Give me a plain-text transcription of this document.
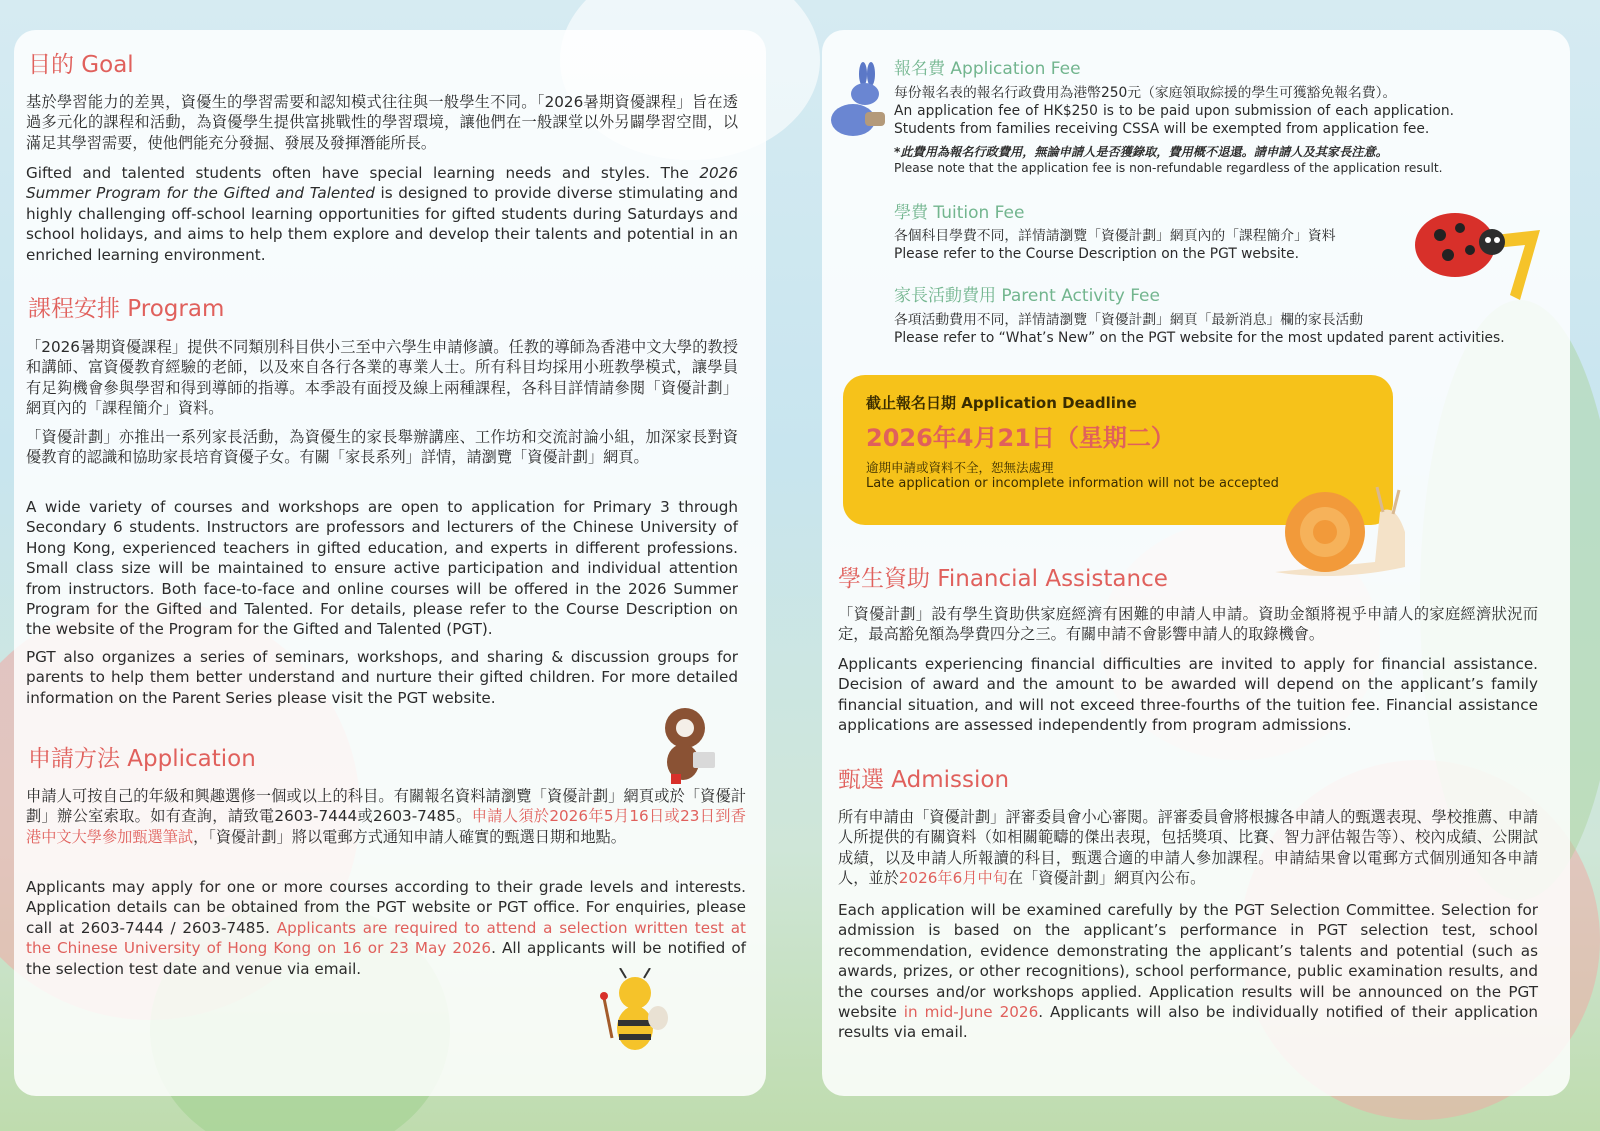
目的 Goal

基於學習能力的差異，資優生的學習需要和認知模式往往與一般學生不同。「2026暑期資優課程」旨在透過多元化的課程和活動，為資優學生提供富挑戰性的學習環境，讓他們在一般課堂以外另闢學習空間，以滿足其學習需要，使他們能充分發掘、發展及發揮潛能所長。

Gifted and talented students often have special learning needs and styles. The 2026 Summer Program for the Gifted and Talented is designed to provide diverse stimulating and highly challenging off-school learning opportunities for gifted students during Saturdays and school holidays, and aims to help them explore and develop their talents and potential in an enriched learning environment.

課程安排 Program

「2026暑期資優課程」提供不同類別科目供小三至中六學生申請修讀。任教的導師為香港中文大學的教授和講師、富資優教育經驗的老師，以及來自各行各業的專業人士。所有科目均採用小班教學模式，讓學員有足夠機會參與學習和得到導師的指導。本季設有面授及線上兩種課程，各科目詳情請參閱「資優計劃」網頁內的「課程簡介」資料。

「資優計劃」亦推出一系列家長活動，為資優生的家長舉辦講座、工作坊和交流討論小組，加深家長對資優教育的認識和協助家長培育資優子女。有關「家長系列」詳情，請瀏覽「資優計劃」網頁。

A wide variety of courses and workshops are open to application for Primary 3 through Secondary 6 students. Instructors are professors and lecturers of the Chinese University of Hong Kong, experienced teachers in gifted education, and experts in different professions. Small class size will be maintained to ensure active participation and individual attention from instructors. Both face-to-face and online courses will be offered in the 2026 Summer Program for the Gifted and Talented. For details, please refer to the Course Description on the website of the Program for the Gifted and Talented (PGT).

PGT also organizes a series of seminars, workshops, and sharing & discussion groups for parents to help them better understand and nurture their gifted children. For more detailed information on the Parent Series please visit the PGT website.

申請方法 Application

申請人可按自己的年級和興趣選修一個或以上的科目。有關報名資料請瀏覽「資優計劃」網頁或於「資優計劃」辦公室索取。如有查詢，請致電2603-7444或2603-7485。申請人須於2026年5月16日或23日到香港中文大學參加甄選筆試，「資優計劃」將以電郵方式通知申請人確實的甄選日期和地點。

Applicants may apply for one or more courses according to their grade levels and interests. Application details can be obtained from the PGT website or PGT office. For enquiries, please call at 2603-7444 / 2603-7485. Applicants are required to attend a selection written test at the Chinese University of Hong Kong on 16 or 23 May 2026. All applicants will be notified of the selection test date and venue via email.

報名費 Application Fee

每份報名表的報名行政費用為港幣250元（家庭領取綜援的學生可獲豁免報名費）。

An application fee of HK$250 is to be paid upon submission of each application. Students from families receiving CSSA will be exempted from application fee.

*此費用為報名行政費用，無論申請人是否獲錄取，費用概不退還。請申請人及其家長注意。

Please note that the application fee is non-refundable regardless of the application result.

學費 Tuition Fee

各個科目學費不同，詳情請瀏覽「資優計劃」網頁內的「課程簡介」資料

Please refer to the Course Description on the PGT website.

家長活動費用 Parent Activity Fee

各項活動費用不同，詳情請瀏覽「資優計劃」網頁「最新消息」欄的家長活動

Please refer to “What’s New” on the PGT website for the most updated parent activities.

截止報名日期 Application Deadline
2026年4月21日（星期二）
逾期申請或資料不全，恕無法處理
Late application or incomplete information will not be accepted
學生資助 Financial Assistance

「資優計劃」設有學生資助供家庭經濟有困難的申請人申請。資助金額將視乎申請人的家庭經濟狀況而定，最高豁免額為學費四分之三。有關申請不會影響申請人的取錄機會。

Applicants experiencing financial difficulties are invited to apply for financial assistance. Decision of award and the amount to be awarded will depend on the applicant’s family financial situation, and will not exceed three-fourths of the tuition fee. Financial assistance applications are assessed independently from program admissions.

甄選 Admission

所有申請由「資優計劃」評審委員會小心審閱。評審委員會將根據各申請人的甄選表現、學校推薦、申請人所提供的有關資料（如相關範疇的傑出表現，包括獎項、比賽、智力評估報告等）、校內成績、公開試成績，以及申請人所報讀的科目，甄選合適的申請人參加課程。申請結果會以電郵方式個別通知各申請人，並於2026年6月中旬在「資優計劃」網頁內公布。

Each application will be examined carefully by the PGT Selection Committee. Selection for admission is based on the applicant’s performance in PGT selection test, school recommendation, evidence demonstrating the applicant’s talents and potential (such as awards, prizes, or other recognitions), school performance, public examination results, and the courses and/or workshops applied. Application results will be announced on the PGT website in mid-June 2026. Applicants will also be individually notified of their application results via email.
